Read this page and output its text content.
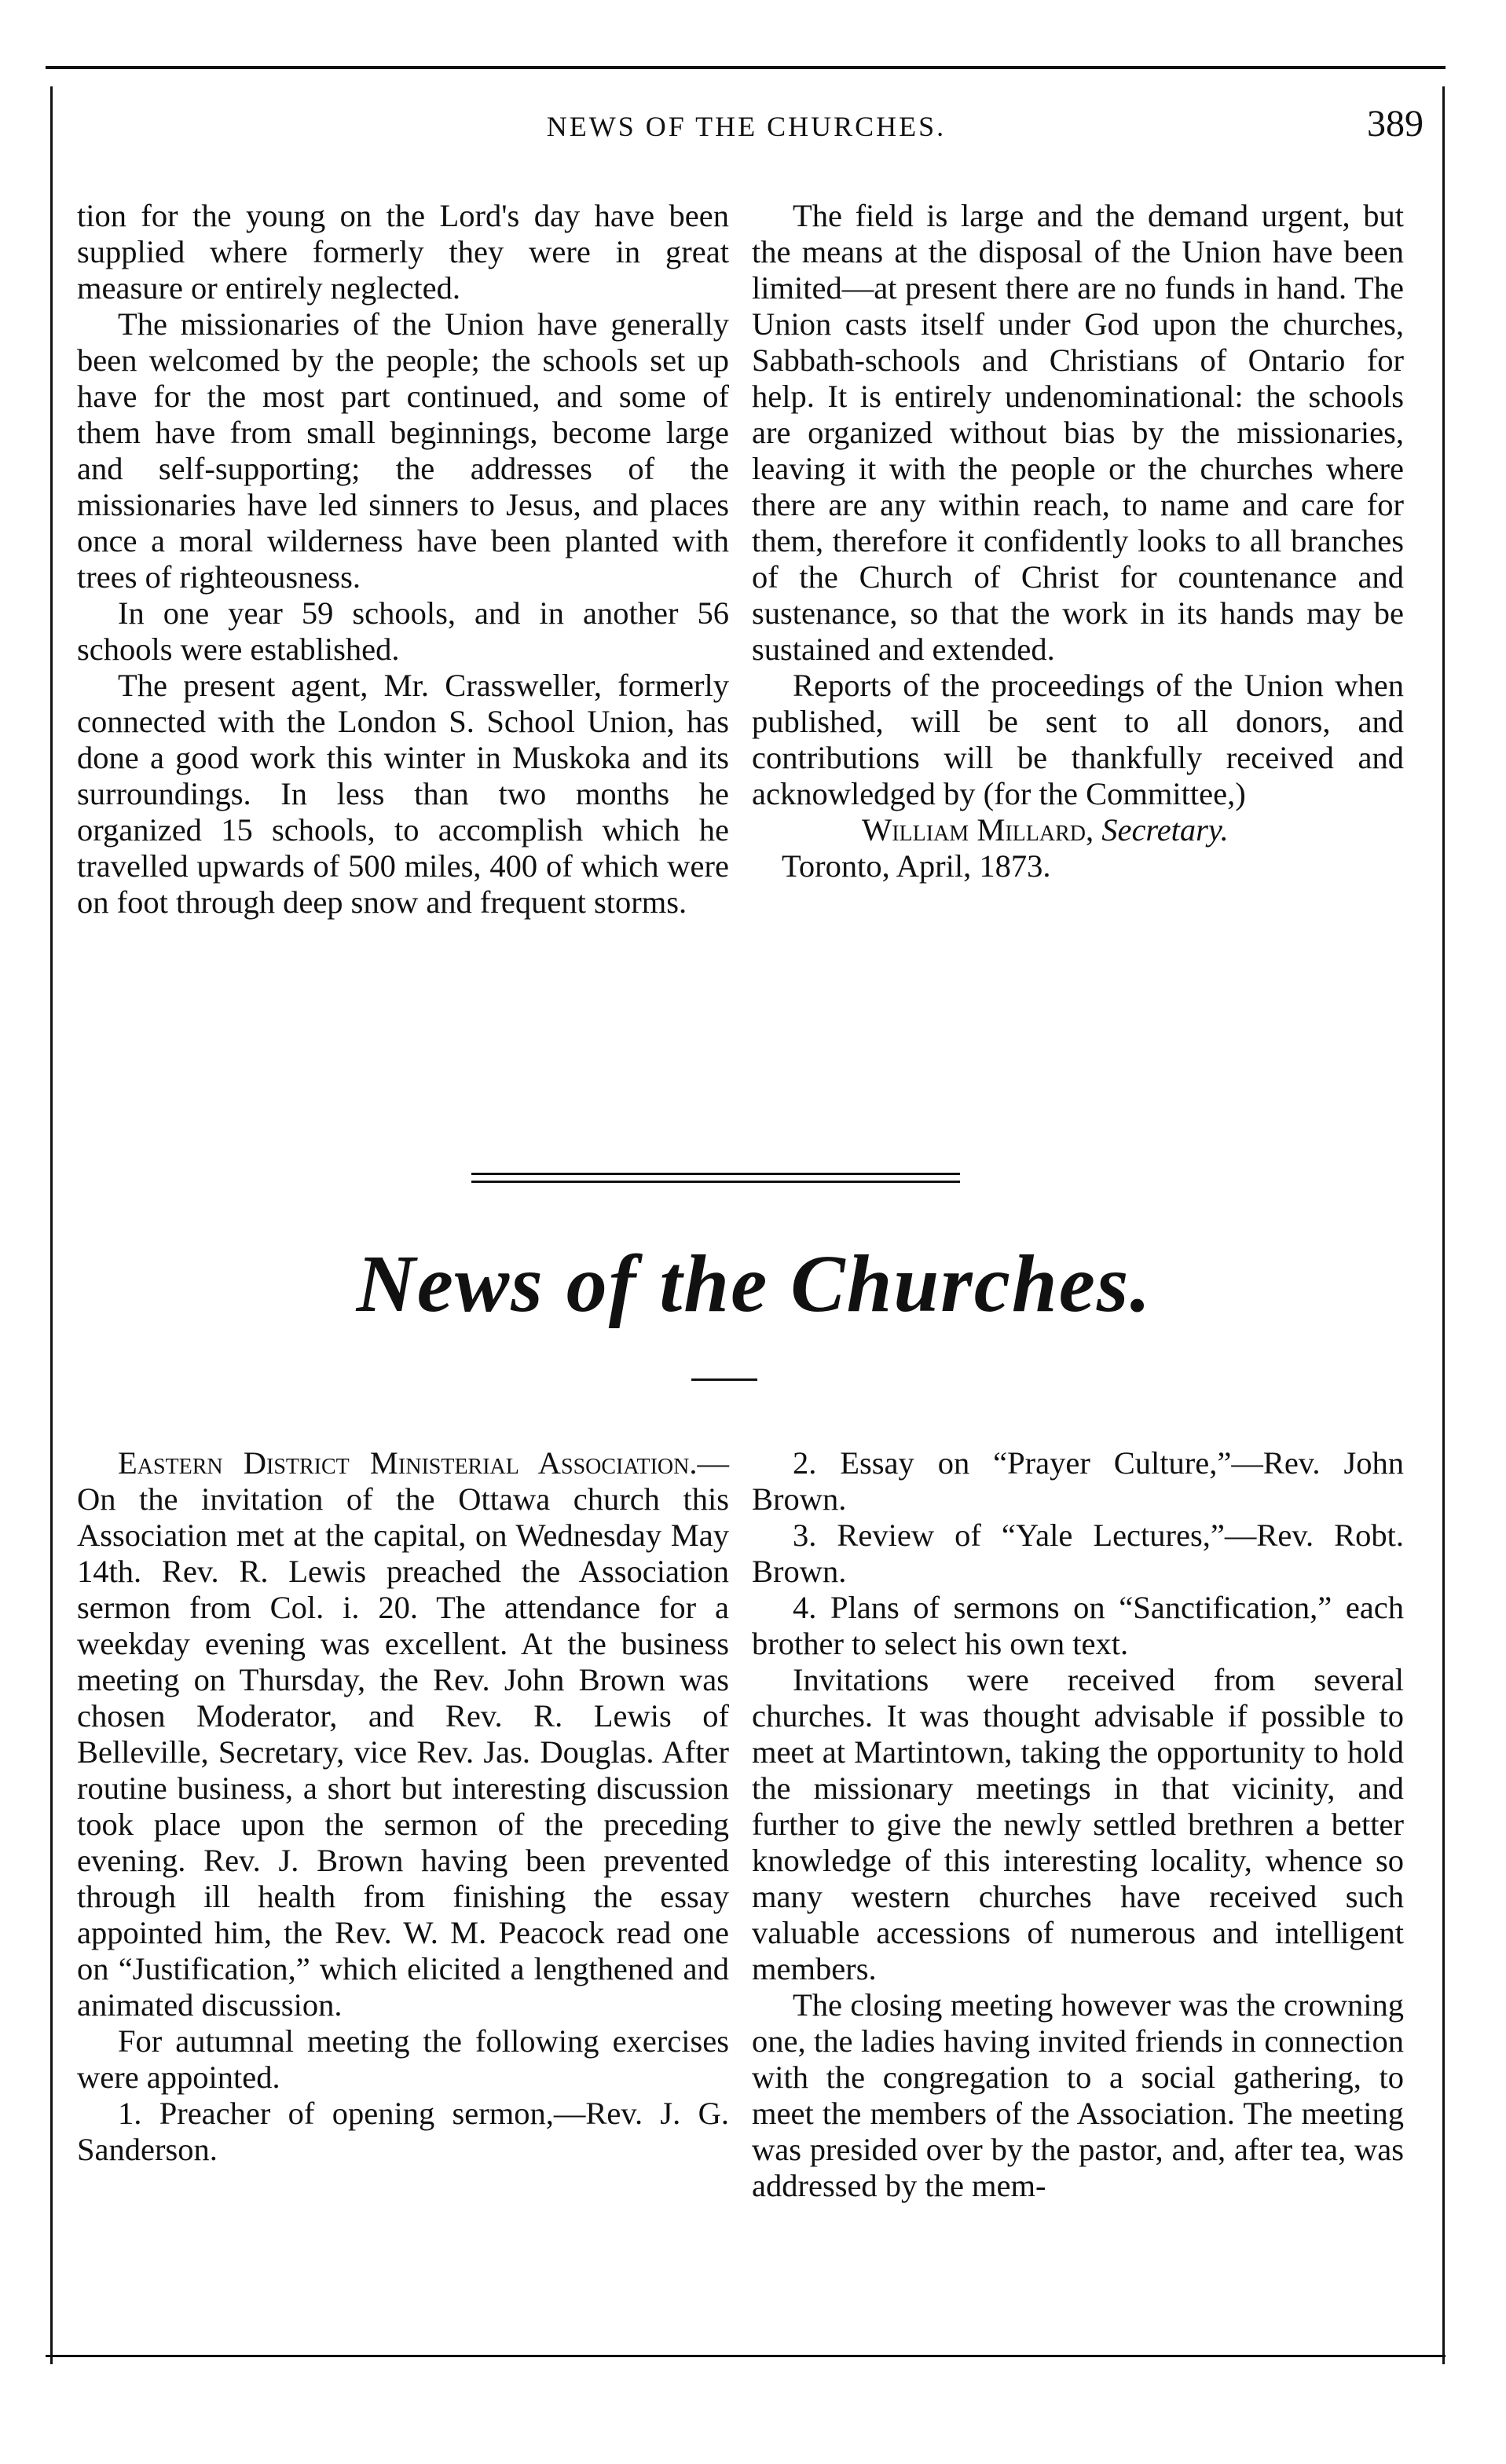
NEWS OF THE CHURCHES.	389

tion for the young on the Lord's day have been supplied where formerly they were in great measure or entirely neglected.

The missionaries of the Union have generally been welcomed by the people; the schools set up have for the most part continued, and some of them have from small beginnings, become large and self-supporting; the addresses of the missionaries have led sinners to Jesus, and places once a moral wilderness have been planted with trees of righteousness.

In one year 59 schools, and in another 56 schools were established.

The present agent, Mr. Crassweller, formerly connected with the London S. School Union, has done a good work this winter in Muskoka and its surroundings. In less than two months he organized 15 schools, to accomplish which he travelled upwards of 500 miles, 400 of which were on foot through deep snow and frequent storms.

The field is large and the demand urgent, but the means at the disposal of the Union have been limited—at present there are no funds in hand. The Union casts itself under God upon the churches, Sabbath-schools and Christians of Ontario for help. It is entirely undenominational: the schools are organized without bias by the missionaries, leaving it with the people or the churches where there are any within reach, to name and care for them, therefore it confidently looks to all branches of the Church of Christ for countenance and sustenance, so that the work in its hands may be sustained and extended.

Reports of the proceedings of the Union when published, will be sent to all donors, and contributions will be thankfully received and acknowledged by (for the Committee,)

William Millard, Secretary.

Toronto, April, 1873.

News of the Churches.

Eastern District Ministerial Association.—On the invitation of the Ottawa church this Association met at the capital, on Wednesday May 14th. Rev. R. Lewis preached the Association sermon from Col. i. 20. The attendance for a weekday evening was excellent. At the business meeting on Thursday, the Rev. John Brown was chosen Moderator, and Rev. R. Lewis of Belleville, Secretary, vice Rev. Jas. Douglas. After routine business, a short but interesting discussion took place upon the sermon of the preceding evening. Rev. J. Brown having been prevented through ill health from finishing the essay appointed him, the Rev. W. M. Peacock read one on “Justification,” which elicited a lengthened and animated discussion.

For autumnal meeting the following exercises were appointed.

1. Preacher of opening sermon,—Rev. J. G. Sanderson.

2. Essay on “Prayer Culture,”—Rev. John Brown.

3. Review of “Yale Lectures,”—Rev. Robt. Brown.

4. Plans of sermons on “Sanctification,” each brother to select his own text.

Invitations were received from several churches. It was thought advisable if possible to meet at Martintown, taking the opportunity to hold the missionary meetings in that vicinity, and further to give the newly settled brethren a better knowledge of this interesting locality, whence so many western churches have received such valuable accessions of numerous and intelligent members.

The closing meeting however was the crowning one, the ladies having invited friends in connection with the congregation to a social gathering, to meet the members of the Association. The meeting was presided over by the pastor, and, after tea, was addressed by the mem-
